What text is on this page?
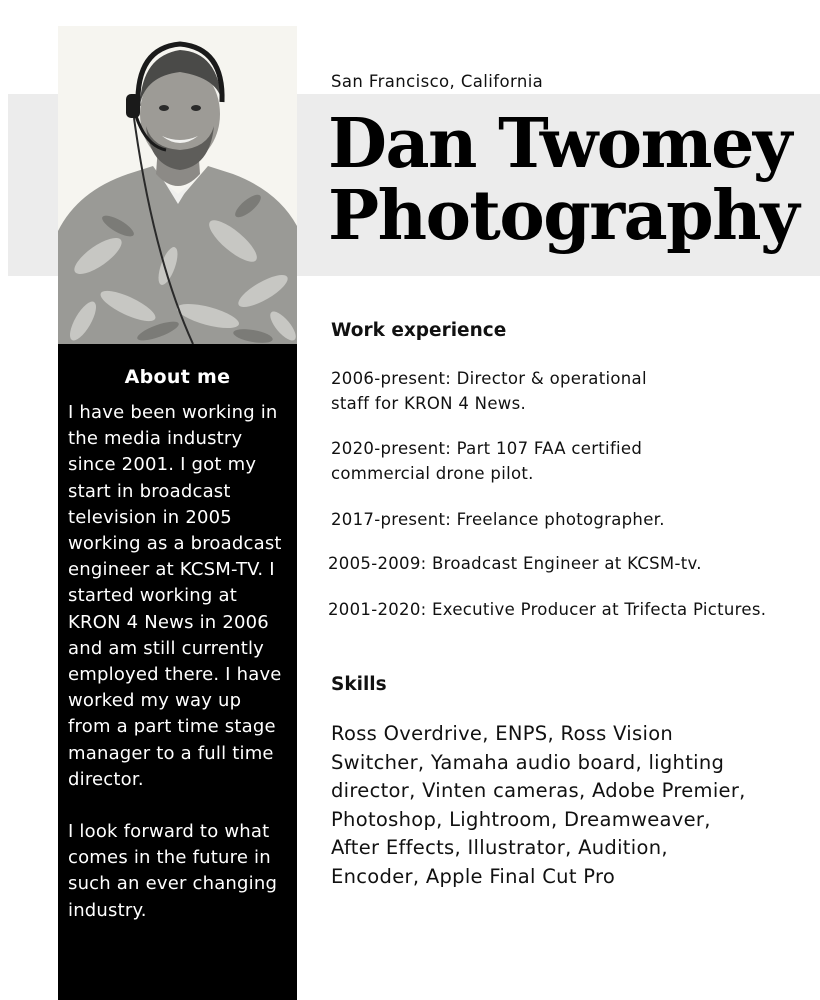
About me

I have been working in the media industry since 2001. I got my start in broadcast television in 2005 working as a broadcast engineer at KCSM-TV. I started working at KRON 4 News in 2006 and am still currently employed there. I have worked my way up from a part time stage manager to a full time director.

I look forward to what comes in the future in such an ever changing industry.

San Francisco, California
Dan Twomey
Photography
Work experience
2006-present: Director & operational staff for KRON 4 News.
2020-present: Part 107 FAA certified commercial drone pilot.
2017-present: Freelance photographer.
2005-2009: Broadcast Engineer at KCSM-tv.
2001-2020: Executive Producer at Trifecta Pictures.
Skills
Ross Overdrive, ENPS, Ross Vision Switcher, Yamaha audio board, lighting director, Vinten cameras, Adobe Premier, Photoshop, Lightroom, Dreamweaver, After Effects, Illustrator, Audition, Encoder, Apple Final Cut Pro
